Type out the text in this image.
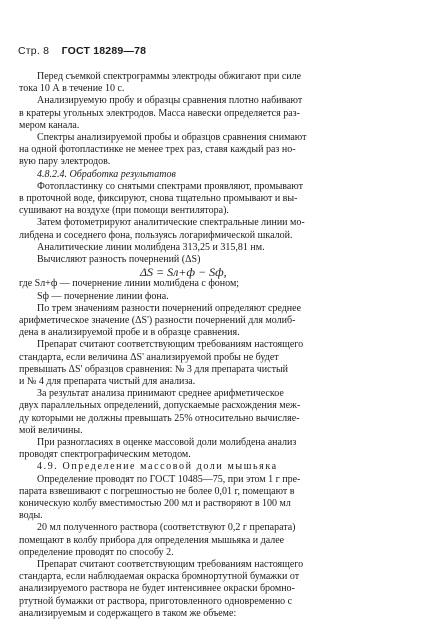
Стр. 8 ГОСТ 18289—78
Перед съемкой спектрограммы электроды обжигают при силе
тока 10 А в течение 10 с.
Анализируемую пробу и образцы сравнения плотно набивают
в кратеры угольных электродов. Масса навески определяется раз-
мером канала.
Спектры анализируемой пробы и образцов сравнения снимают
на одной фотопластинке не менее трех раз, ставя каждый раз но-
вую пару электродов.
4.8.2.4. Обработка результатов
Фотопластинку со снятыми спектрами проявляют, промывают
в проточной воде, фиксируют, снова тщательно промывают и вы-
сушивают на воздухе (при помощи вентилятора).
Затем фотометрируют аналитические спектральные линии мо-
либдена и соседнего фона, пользуясь логарифмической шкалой.
Аналитические линии молибдена 313,25 и 315,81 нм.
Вычисляют разность почернений (ΔS)
ΔS = Sл+ф − Sф,
где Sл+ф — почернение линии молибдена с фоном;
Sф — почернение линии фона.
По трем значениям разности почернений определяют среднее
арифметическое значение (ΔS') разности почернений для молиб-
дена в анализируемой пробе и в образце сравнения.
Препарат считают соответствующим требованиям настоящего
стандарта, если величина ΔS' анализируемой пробы не будет
превышать ΔS' образцов сравнения: № 3 для препарата чистый
и № 4 для препарата чистый для анализа.
За результат анализа принимают среднее арифметическое
двух параллельных определений, допускаемые расхождения меж-
ду которыми не должны превышать 25% относительно вычисляе-
мой величины.
При разногласиях в оценке массовой доли молибдена анализ
проводят спектрографическим методом.
4.9. Определение массовой доли мышьяка
Определение проводят по ГОСТ 10485—75, при этом 1 г пре-
парата взвешивают с погрешностью не более 0,01 г, помещают в
коническую колбу вместимостью 200 мл и растворяют в 100 мл
воды.
20 мл полученного раствора (соответствуют 0,2 г препарата)
помещают в колбу прибора для определения мышьяка и далее
определение проводят по способу 2.
Препарат считают соответствующим требованиям настоящего
стандарта, если наблюдаемая окраска бромнортутной бумажки от
анализируемого раствора не будет интенсивнее окраски бромно-
ртутной бумажки от раствора, приготовленного одновременно с
анализируемым и содержащего в таком же объеме:
